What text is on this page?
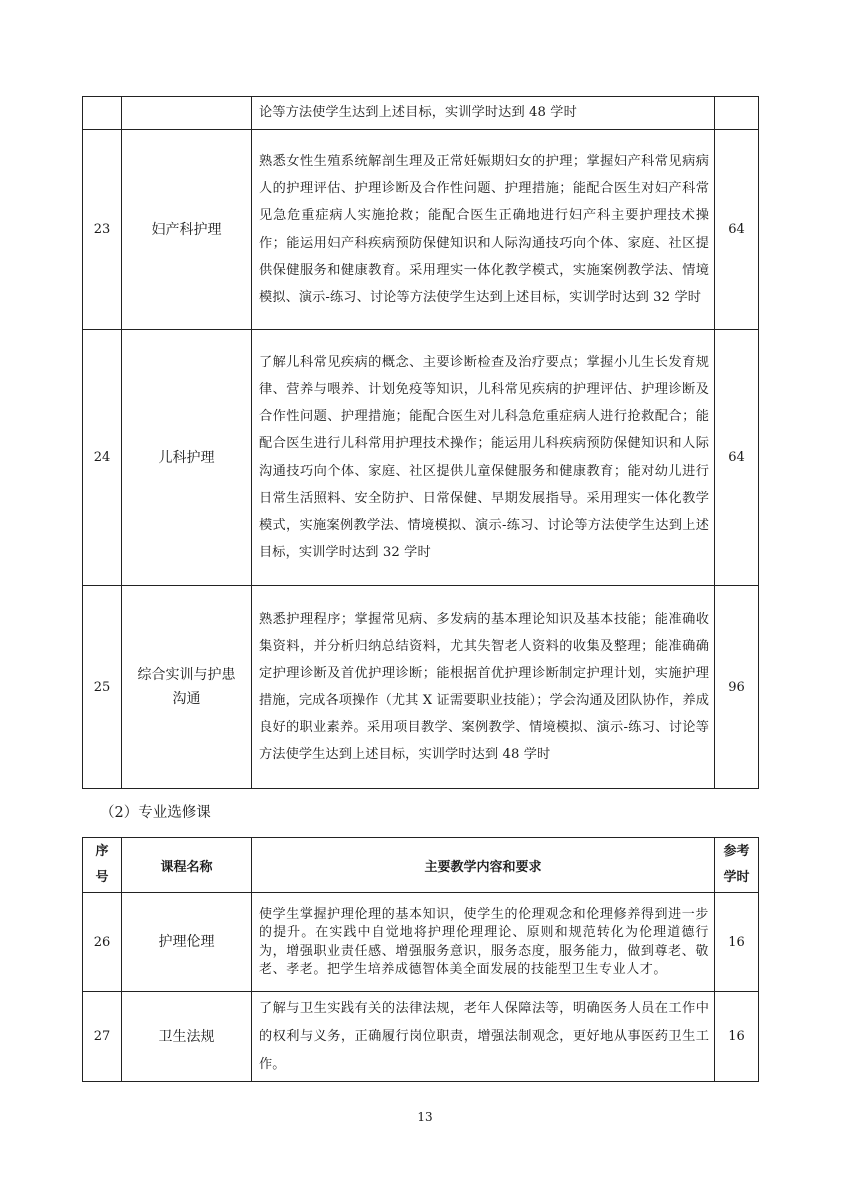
		论等方法使学生达到上述目标，实训学时达到 48 学时	
23	妇产科护理	熟悉女性生殖系统解剖生理及正常妊娠期妇女的护理；掌握妇产科常见病病人的护理评估、护理诊断及合作性问题、护理措施；能配合医生对妇产科常见急危重症病人实施抢救；能配合医生正确地进行妇产科主要护理技术操作；能运用妇产科疾病预防保健知识和人际沟通技巧向个体、家庭、社区提供保健服务和健康教育。采用理实一体化教学模式，实施案例教学法、情境模拟、演示-练习、讨论等方法使学生达到上述目标，实训学时达到 32 学时	64
24	儿科护理	了解儿科常见疾病的概念、主要诊断检查及治疗要点；掌握小儿生长发育规律、营养与喂养、计划免疫等知识，儿科常见疾病的护理评估、护理诊断及合作性问题、护理措施；能配合医生对儿科急危重症病人进行抢救配合；能配合医生进行儿科常用护理技术操作；能运用儿科疾病预防保健知识和人际沟通技巧向个体、家庭、社区提供儿童保健服务和健康教育；能对幼儿进行日常生活照料、安全防护、日常保健、早期发展指导。采用理实一体化教学模式，实施案例教学法、情境模拟、演示-练习、讨论等方法使学生达到上述目标，实训学时达到 32 学时	64
25	综合实训与护患沟通	熟悉护理程序；掌握常见病、多发病的基本理论知识及基本技能；能准确收集资料，并分析归纳总结资料，尤其失智老人资料的收集及整理；能准确确定护理诊断及首优护理诊断；能根据首优护理诊断制定护理计划，实施护理措施，完成各项操作（尤其 X 证需要职业技能）；学会沟通及团队协作，养成良好的职业素养。采用项目教学、案例教学、情境模拟、演示-练习、讨论等方法使学生达到上述目标，实训学时达到 48 学时	96
（2）专业选修课
序号	课程名称	主要教学内容和要求	参考学时
26	护理伦理	使学生掌握护理伦理的基本知识，使学生的伦理观念和伦理修养得到进一步的提升。在实践中自觉地将护理伦理理论、原则和规范转化为伦理道德行为，增强职业责任感、增强服务意识，服务态度，服务能力，做到尊老、敬老、孝老。把学生培养成德智体美全面发展的技能型卫生专业人才。	16
27	卫生法规	了解与卫生实践有关的法律法规，老年人保障法等，明确医务人员在工作中的权利与义务，正确履行岗位职责，增强法制观念，更好地从事医药卫生工作。	16
13
